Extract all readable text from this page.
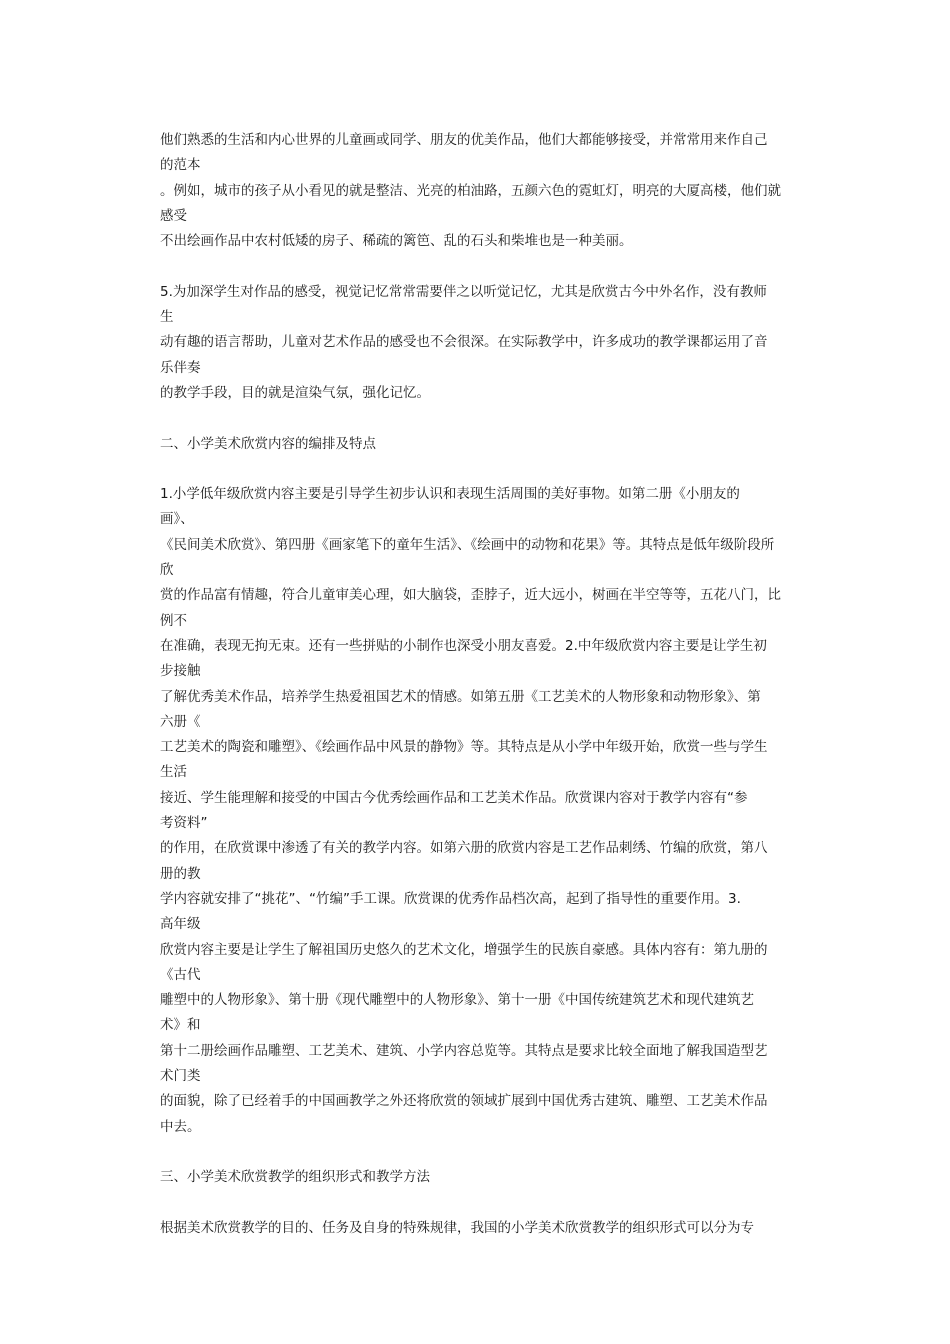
他们熟悉的生活和内心世界的儿童画或同学、朋友的优美作品，他们大都能够接受，并常常用来作自己
的范本
。例如，城市的孩子从小看见的就是整洁、光亮的柏油路，五颜六色的霓虹灯，明亮的大厦高楼，他们就
感受
不出绘画作品中农村低矮的房子、稀疏的篱笆、乱的石头和柴堆也是一种美丽。
5.为加深学生对作品的感受，视觉记忆常常需要伴之以听觉记忆，尤其是欣赏古今中外名作，没有教师
生
动有趣的语言帮助，儿童对艺术作品的感受也不会很深。在实际教学中，许多成功的教学课都运用了音
乐伴奏
的教学手段，目的就是渲染气氛，强化记忆。
二、小学美术欣赏内容的编排及特点
1.小学低年级欣赏内容主要是引导学生初步认识和表现生活周围的美好事物。如第二册《小朋友的
画》、
《民间美术欣赏》、第四册《画家笔下的童年生活》、《绘画中的动物和花果》等。其特点是低年级阶段所
欣
赏的作品富有情趣，符合儿童审美心理，如大脑袋，歪脖子，近大远小，树画在半空等等，五花八门，比
例不
在准确，表现无拘无束。还有一些拼贴的小制作也深受小朋友喜爱。2.中年级欣赏内容主要是让学生初
步接触
了解优秀美术作品，培养学生热爱祖国艺术的情感。如第五册《工艺美术的人物形象和动物形象》、第
六册《
工艺美术的陶瓷和雕塑》、《绘画作品中风景的静物》等。其特点是从小学中年级开始，欣赏一些与学生
生活
接近、学生能理解和接受的中国古今优秀绘画作品和工艺美术作品。欣赏课内容对于教学内容有“参
考资料”
的作用，在欣赏课中渗透了有关的教学内容。如第六册的欣赏内容是工艺作品刺绣、竹编的欣赏，第八
册的教
学内容就安排了“挑花”、“竹编”手工课。欣赏课的优秀作品档次高，起到了指导性的重要作用。3.
高年级
欣赏内容主要是让学生了解祖国历史悠久的艺术文化，增强学生的民族自豪感。具体内容有：第九册的
《古代
雕塑中的人物形象》、第十册《现代雕塑中的人物形象》、第十一册《中国传统建筑艺术和现代建筑艺
术》和
第十二册绘画作品雕塑、工艺美术、建筑、小学内容总览等。其特点是要求比较全面地了解我国造型艺
术门类
的面貌，除了已经着手的中国画教学之外还将欣赏的领域扩展到中国优秀古建筑、雕塑、工艺美术作品
中去。
三、小学美术欣赏教学的组织形式和教学方法
根据美术欣赏教学的目的、任务及自身的特殊规律，我国的小学美术欣赏教学的组织形式可以分为专
